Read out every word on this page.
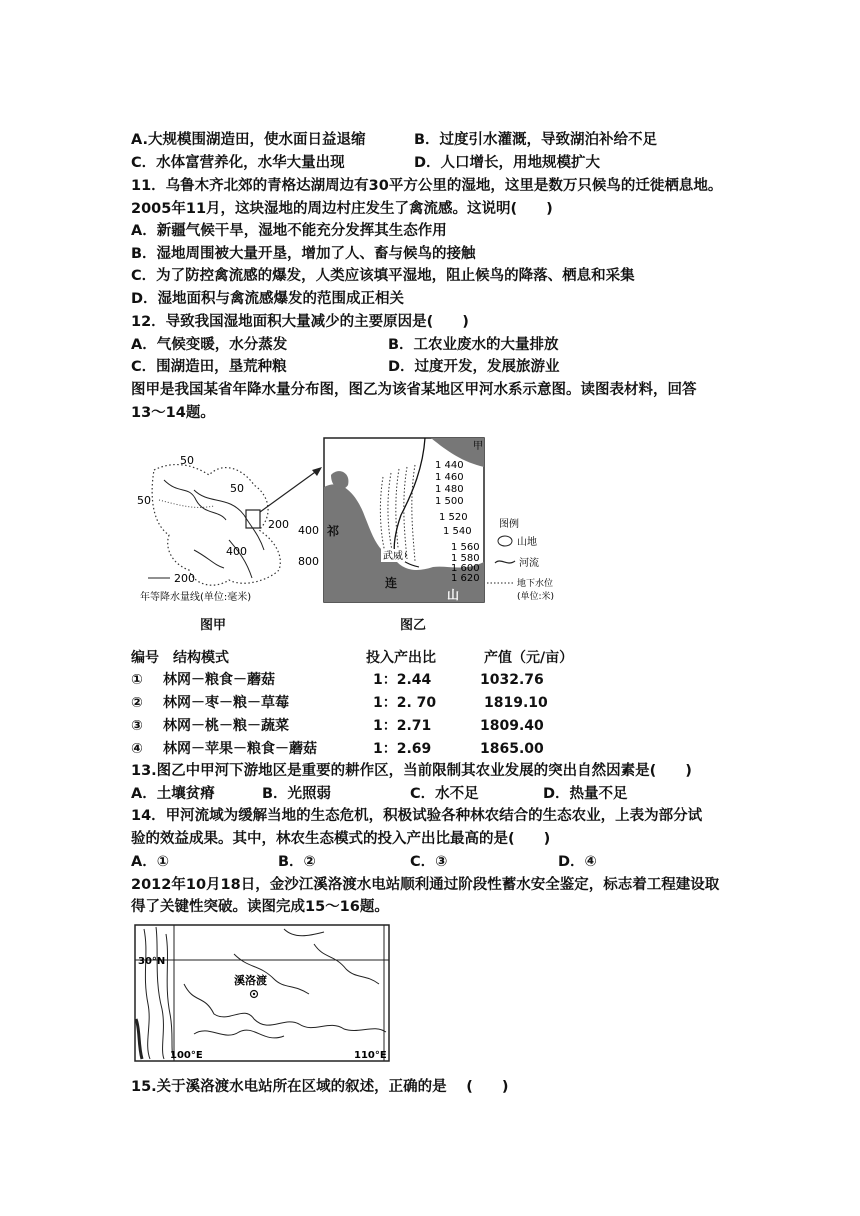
A.大规模围湖造田，使水面日益退缩	B．过度引水灌溉，导致湖泊补给不足
C．水体富营养化，水华大量出现	D．人口增长，用地规模扩大
11．乌鲁木齐北郊的青格达湖周边有30平方公里的湿地，这里是数万只候鸟的迁徙栖息地。
2005年11月，这块湿地的周边村庄发生了禽流感。这说明(　　)
A．新疆气候干旱，湿地不能充分发挥其生态作用
B．湿地周围被大量开垦，增加了人、畜与候鸟的接触
C．为了防控禽流感的爆发，人类应该填平湿地，阻止候鸟的降落、栖息和采集
D．湿地面积与禽流感爆发的范围成正相关
12．导致我国湿地面积大量减少的主要原因是(　　)
A．气候变暖，水分蒸发	B．工农业废水的大量排放
C．围湖造田，垦荒种粮	D．过度开发，发展旅游业
图甲是我国某省年降水量分布图，图乙为该省某地区甲河水系示意图。读图表材料，回答
13～14题。
50
50
50
200 400
400
800
200
年等降水量线(单位:毫米)
图甲
武威
甲
1 440
1 460
1 480
1 500
1 520
1 540
1 560
1 580
1 600
1 620
祁
连
山
图例
山地
河流
地下水位
(单位:米)
图乙
编号 结构模式	投入产出比	产值（元/亩）
① 林网－粮食－蘑菇	1：2.44	1032.76
② 林网－枣－粮－草莓	1：2. 70	1819.10
③ 林网－桃－粮－蔬菜	1：2.71	1809.40
④ 林网－苹果－粮食－蘑菇	1：2.69	1865.00
13.图乙中甲河下游地区是重要的耕作区，当前限制其农业发展的突出自然因素是(　　)
A．土壤贫瘠	B．光照弱	C．水不足	D．热量不足
14．甲河流域为缓解当地的生态危机，积极试验各种林农结合的生态农业，上表为部分试
验的效益成果。其中，林农生态模式的投入产出比最高的是(　　)
A．①	B．②	C．③	D．④
2012年10月18日，金沙江溪洛渡水电站顺利通过阶段性蓄水安全鉴定，标志着工程建设取
得了关键性突破。读图完成15～16题。
溪洛渡
30°N
100°E	110°E
15.关于溪洛渡水电站所在区域的叙述，正确的是　 (　　)
